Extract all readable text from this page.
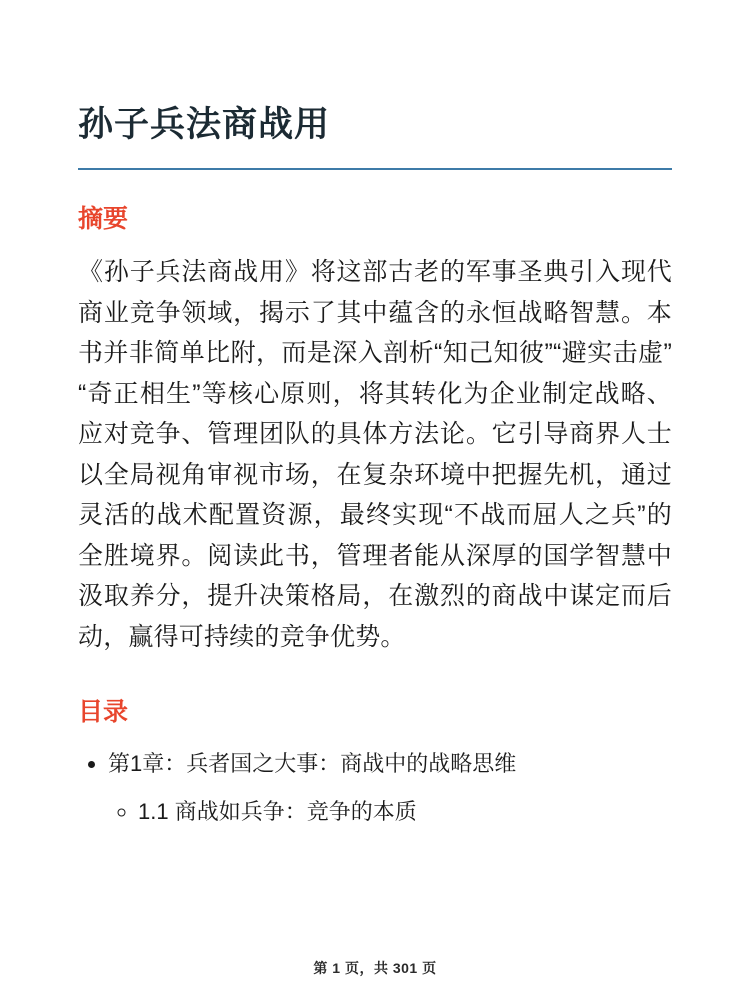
孙子兵法商战用
摘要

《孙子兵法商战用》将这部古老的军事圣典引入现代商业竞争领域，揭示了其中蕴含的永恒战略智慧。本书并非简单比附，而是深入剖析“知己知彼”“避实击虚”“奇正相生”等核心原则，将其转化为企业制定战略、应对竞争、管理团队的具体方法论。它引导商界人士以全局视角审视市场，在复杂环境中把握先机，通过灵活的战术配置资源，最终实现“不战而屈人之兵”的全胜境界。阅读此书，管理者能从深厚的国学智慧中汲取养分，提升决策格局，在激烈的商战中谋定而后动，赢得可持续的竞争优势。

目录
• 第1章：兵者国之大事：商战中的战略思维
◦ 1.1 商战如兵争：竞争的本质
第 1 页，共 301 页
